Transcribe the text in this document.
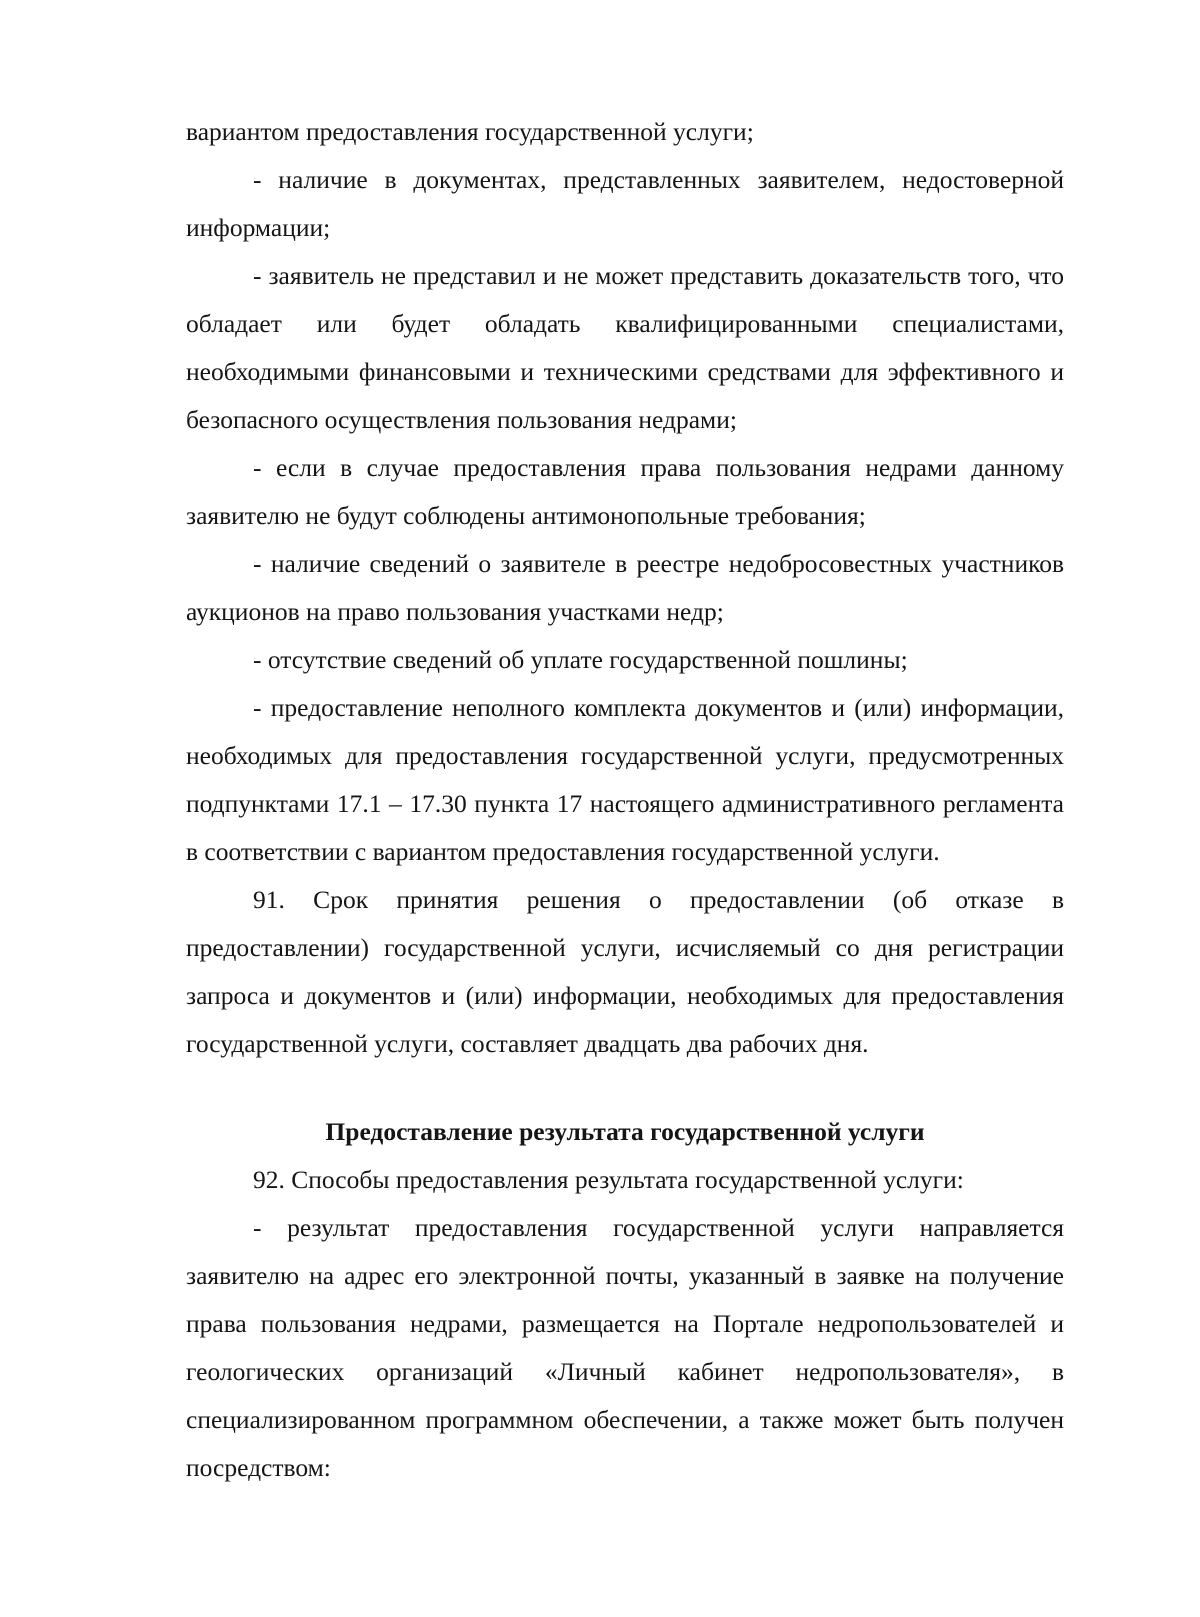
вариантом предоставления государственной услуги;

- наличие в документах, представленных заявителем, недостоверной информации;

- заявитель не представил и не может представить доказательств того, что обладает или будет обладать квалифицированными специалистами, необходимыми финансовыми и техническими средствами для эффективного и безопасного осуществления пользования недрами;

- если в случае предоставления права пользования недрами данному заявителю не будут соблюдены антимонопольные требования;

- наличие сведений о заявителе в реестре недобросовестных участников аукционов на право пользования участками недр;

- отсутствие сведений об уплате государственной пошлины;

- предоставление неполного комплекта документов и (или) информации, необходимых для предоставления государственной услуги, предусмотренных подпунктами 17.1 – 17.30 пункта 17 настоящего административного регламента в соответствии с вариантом предоставления государственной услуги.

91. Срок принятия решения о предоставлении (об отказе в предоставлении) государственной услуги, исчисляемый со дня регистрации запроса и документов и (или) информации, необходимых для предоставления государственной услуги, составляет двадцать два рабочих дня.

Предоставление результата государственной услуги

92. Способы предоставления результата государственной услуги:

- результат предоставления государственной услуги направляется заявителю на адрес его электронной почты, указанный в заявке на получение права пользования недрами, размещается на Портале недропользователей и геологических организаций «Личный кабинет недропользователя», в специализированном программном обеспечении, а также может быть получен посредством:
